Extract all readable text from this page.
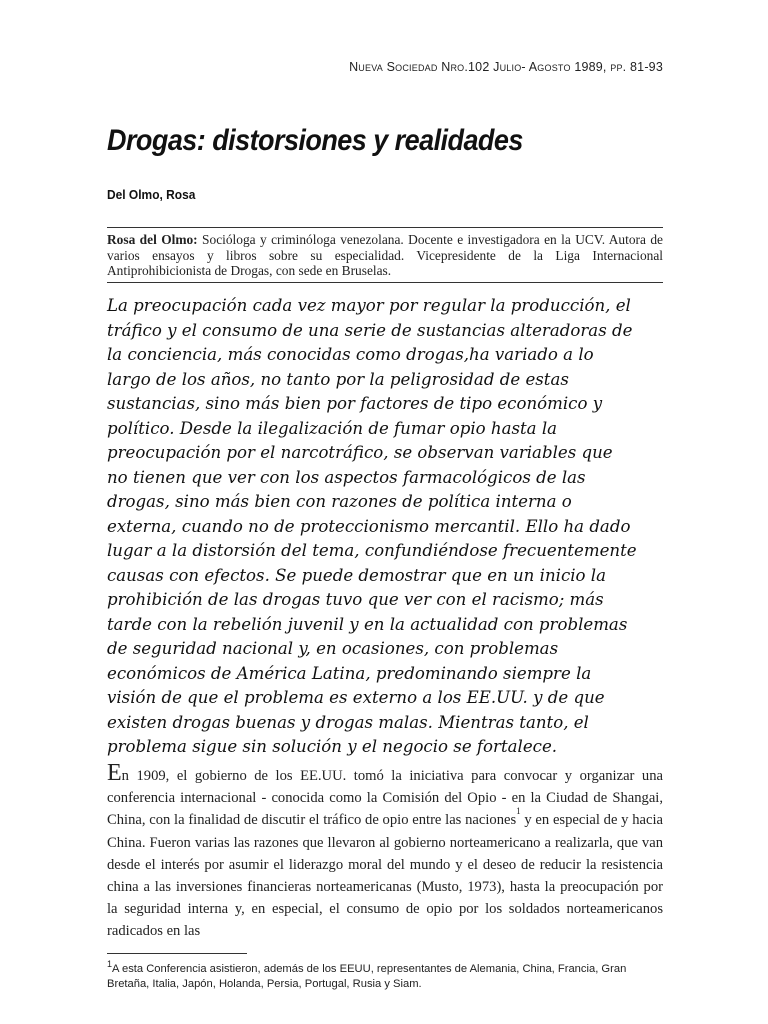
Nueva Sociedad Nro.102 Julio- Agosto 1989, pp. 81-93
Drogas: distorsiones y realidades
Del Olmo, Rosa
Rosa del Olmo: Socióloga y criminóloga venezolana. Docente e investigadora en la UCV. Autora de varios ensayos y libros sobre su especialidad. Vicepresidente de la Liga Internacional Antiprohibicionista de Drogas, con sede en Bruselas.

La preocupación cada vez mayor por regular la producción, el

tráfico y el consumo de una serie de sustancias alteradoras de

la conciencia, más conocidas como drogas,ha variado a lo

largo de los años, no tanto por la peligrosidad de estas

sustancias, sino más bien por factores de tipo económico y

político. Desde la ilegalización de fumar opio hasta la

preocupación por el narcotráfico, se observan variables que

no tienen que ver con los aspectos farmacológicos de las

drogas, sino más bien con razones de política interna o

externa, cuando no de proteccionismo mercantil. Ello ha dado

lugar a la distorsión del tema, confundiéndose frecuentemente

causas con efectos. Se puede demostrar que en un inicio la

prohibición de las drogas tuvo que ver con el racismo; más

tarde con la rebelión juvenil y en la actualidad con problemas

de seguridad nacional y, en ocasiones, con problemas

económicos de América Latina, predominando siempre la

visión de que el problema es externo a los EE.UU. y de que

existen drogas buenas y drogas malas. Mientras tanto, el

problema sigue sin solución y el negocio se fortalece.

En 1909, el gobierno de los EE.UU. tomó la iniciativa para convocar y organizar una conferencia internacional - conocida como la Comisión del Opio - en la Ciudad de Shangai, China, con la finalidad de discutir el tráfico de opio entre las naciones$^1$ y en especial de y hacia China. Fueron varias las razones que llevaron al gobierno norteamericano a realizarla, que van desde el interés por asumir el liderazgo moral del mundo y el deseo de reducir la resistencia china a las inversiones financieras norteamericanas (Musto, 1973), hasta la preocupación por la seguridad interna y, en especial, el consumo de opio por los soldados norteamericanos radicados en las

$^1$A esta Conferencia asistieron, además de los EEUU, representantes de Alemania, China, Francia, Gran Bretaña, Italia, Japón, Holanda, Persia, Portugal, Rusia y Siam.
